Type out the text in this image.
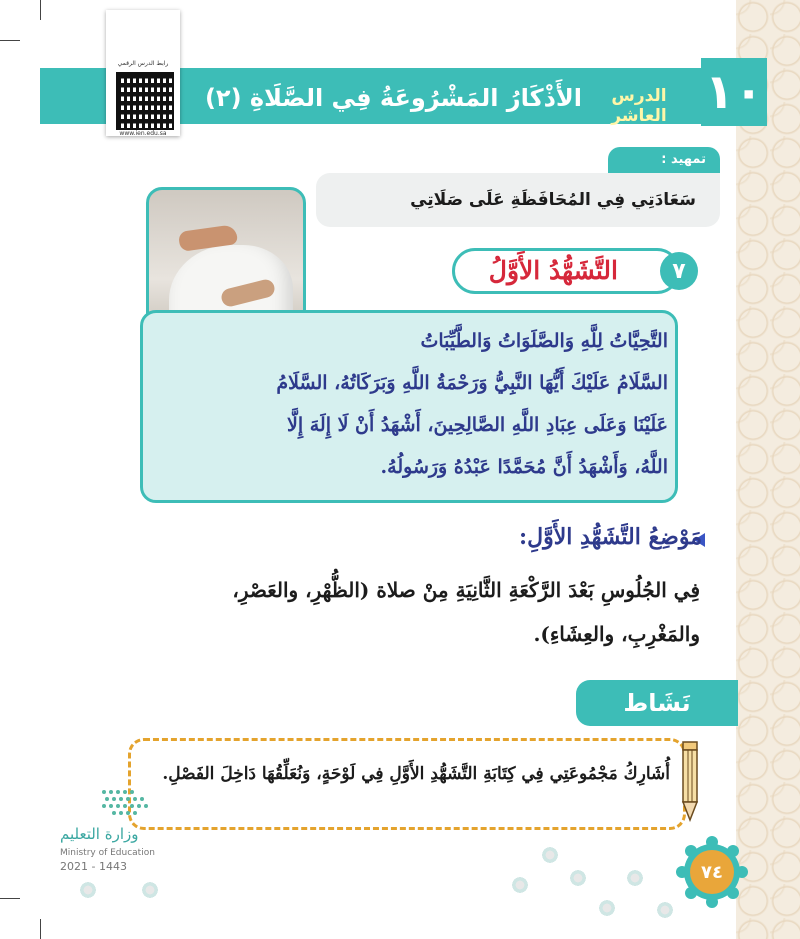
١٠
الدرس العاشر
الأَذْكَارُ المَشْرُوعَةُ فِي الصَّلَاةِ (٢)
رابط الدرس الرقمي
www.ien.edu.sa
تمهيد :
سَعَادَتِي فِي المُحَافَظَةِ عَلَى صَلَاتِي
التَّشَهُّدُ الأَوَّلُ	٧
التَّحِيَّاتُ لِلَّهِ وَالصَّلَوَاتُ وَالطَّيِّبَاتُ
السَّلَامُ عَلَيْكَ أَيُّهَا النَّبِيُّ وَرَحْمَةُ اللَّهِ وَبَرَكَاتُهُ، السَّلَامُ
عَلَيْنَا وَعَلَى عِبَادِ اللَّهِ الصَّالِحِينَ، أَشْهَدُ أَنْ لَا إِلَهَ إِلَّا
اللَّهُ، وَأَشْهَدُ أَنَّ مُحَمَّدًا عَبْدُهُ وَرَسُولُهُ.
مَوْضِعُ التَّشَهُّدِ الأَوَّلِ:
فِي الجُلُوسِ بَعْدَ الرَّكْعَةِ الثَّانِيَةِ مِنْ صلاة (الظُّهْرِ، والعَصْرِ،
والمَغْرِبِ، والعِشَاءِ).
نَشَاط
أُشَارِكُ مَجْمُوعَتِي فِي كِتَابَةِ التَّشَهُّدِ الأَوَّلِ فِي لَوْحَةٍ، وَنُعَلِّقُهَا دَاخِلَ الفَصْلِ.
وزارة التعليم
Ministry of Education
2021 - 1443	٧٤
